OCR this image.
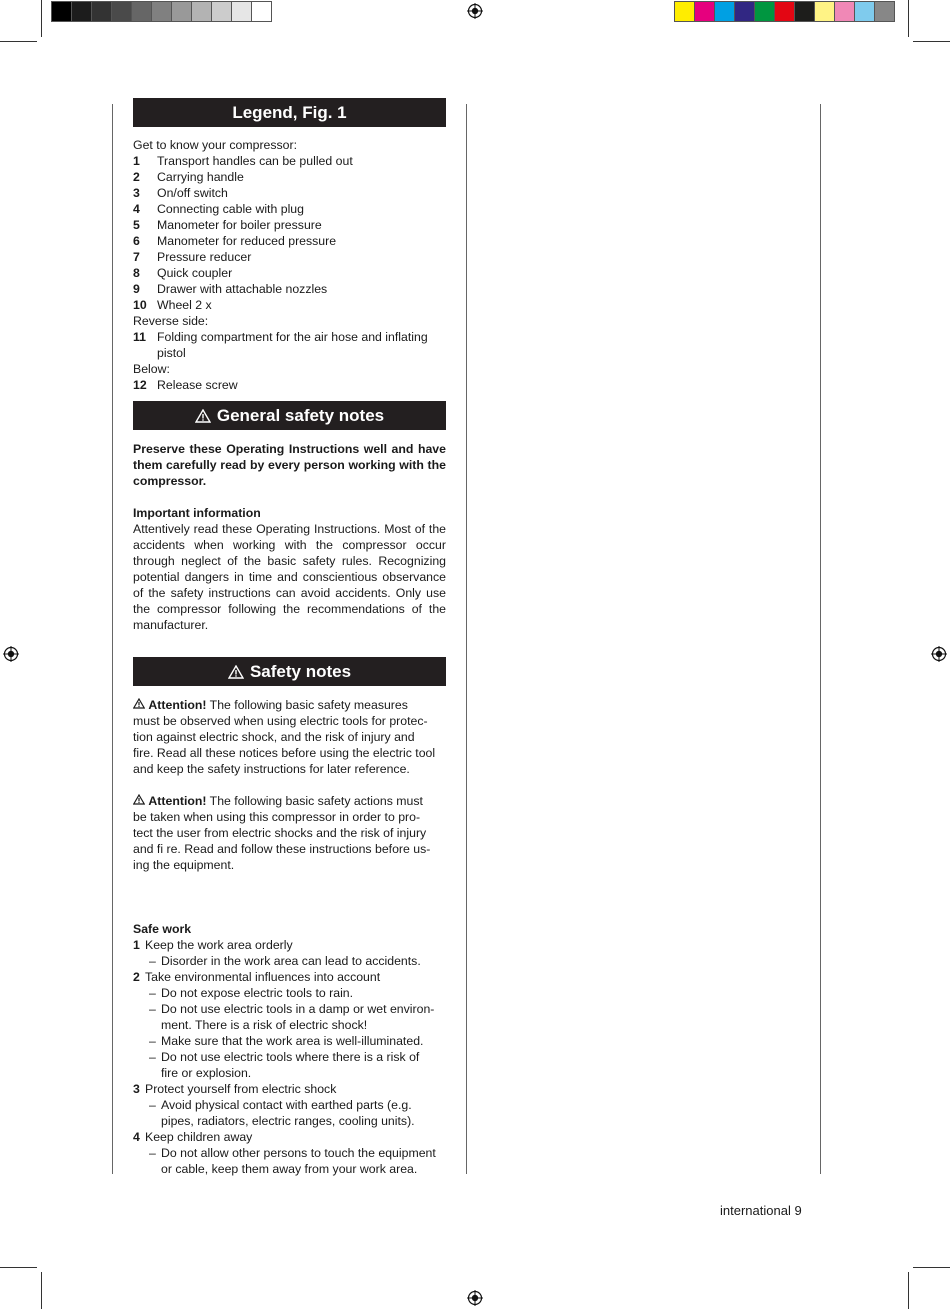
Legend, Fig. 1
Get to know your compressor:
1	Transport handles can be pulled out
2	Carrying handle
3	On/off switch
4	Connecting cable with plug
5	Manometer for boiler pressure
6	Manometer for reduced pressure
7	Pressure reducer
8	Quick coupler
9	Drawer with attachable nozzles
10 Wheel 2 x
Reverse side:
11 Folding compartment for the air hose and inflating pistol
Below:
12 Release screw
General safety notes
Preserve these Operating Instructions well and have them carefully read by every person working with the compressor.
Important information
Attentively read these Operating Instructions. Most of the accidents when working with the compressor occur through neglect of the basic safety rules. Recognizing potential dangers in time and conscientious observance of the safety instructions can avoid accidents. Only use the compressor following the recommendations of the manufacturer.
Safety notes
Attention! The following basic safety measures
must be observed when using electric tools for protec-
tion against electric shock, and the risk of injury and
fire. Read all these notices before using the electric tool
and keep the safety instructions for later reference.
Attention! The following basic safety actions must
be taken when using this compressor in order to pro-
tect the user from electric shocks and the risk of injury
and fi re. Read and follow these instructions before us-
ing the equipment.
Safe work
1 Keep the work area orderly
– Disorder in the work area can lead to accidents.
2 Take environmental influences into account
– Do not expose electric tools to rain.
– Do not use electric tools in a damp or wet environ-
ment. There is a risk of electric shock!
– Make sure that the work area is well-illuminated.
– Do not use electric tools where there is a risk of
fire or explosion.
3 Protect yourself from electric shock
– Avoid physical contact with earthed parts (e.g.
pipes, radiators, electric ranges, cooling units).
4 Keep children away
– Do not allow other persons to touch the equipment
or cable, keep them away from your work area.
international 9
